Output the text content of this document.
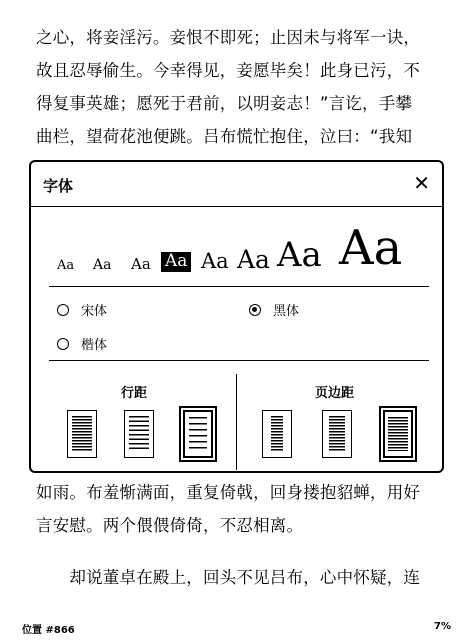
之心，将妾淫污。妾恨不即死；止因未与将军一诀，
故且忍辱偷生。今幸得见，妾愿毕矣！此身已污，不
得复事英雄；愿死于君前，以明妾志！”言讫，手攀
曲栏，望荷花池便跳。吕布慌忙抱住，泣曰：“我知
如雨。布羞惭满面，重复倚戟，回身搂抱貂蝉，用好
言安慰。两个偎偎倚倚，不忍相离。
　　却说董卓在殿上，回头不见吕布，心中怀疑，连
位置 #866	7%
字体	✕
Aa Aa Aa Aa Aa Aa Aa Aa
宋体	黑体
楷体
行距	页边距
